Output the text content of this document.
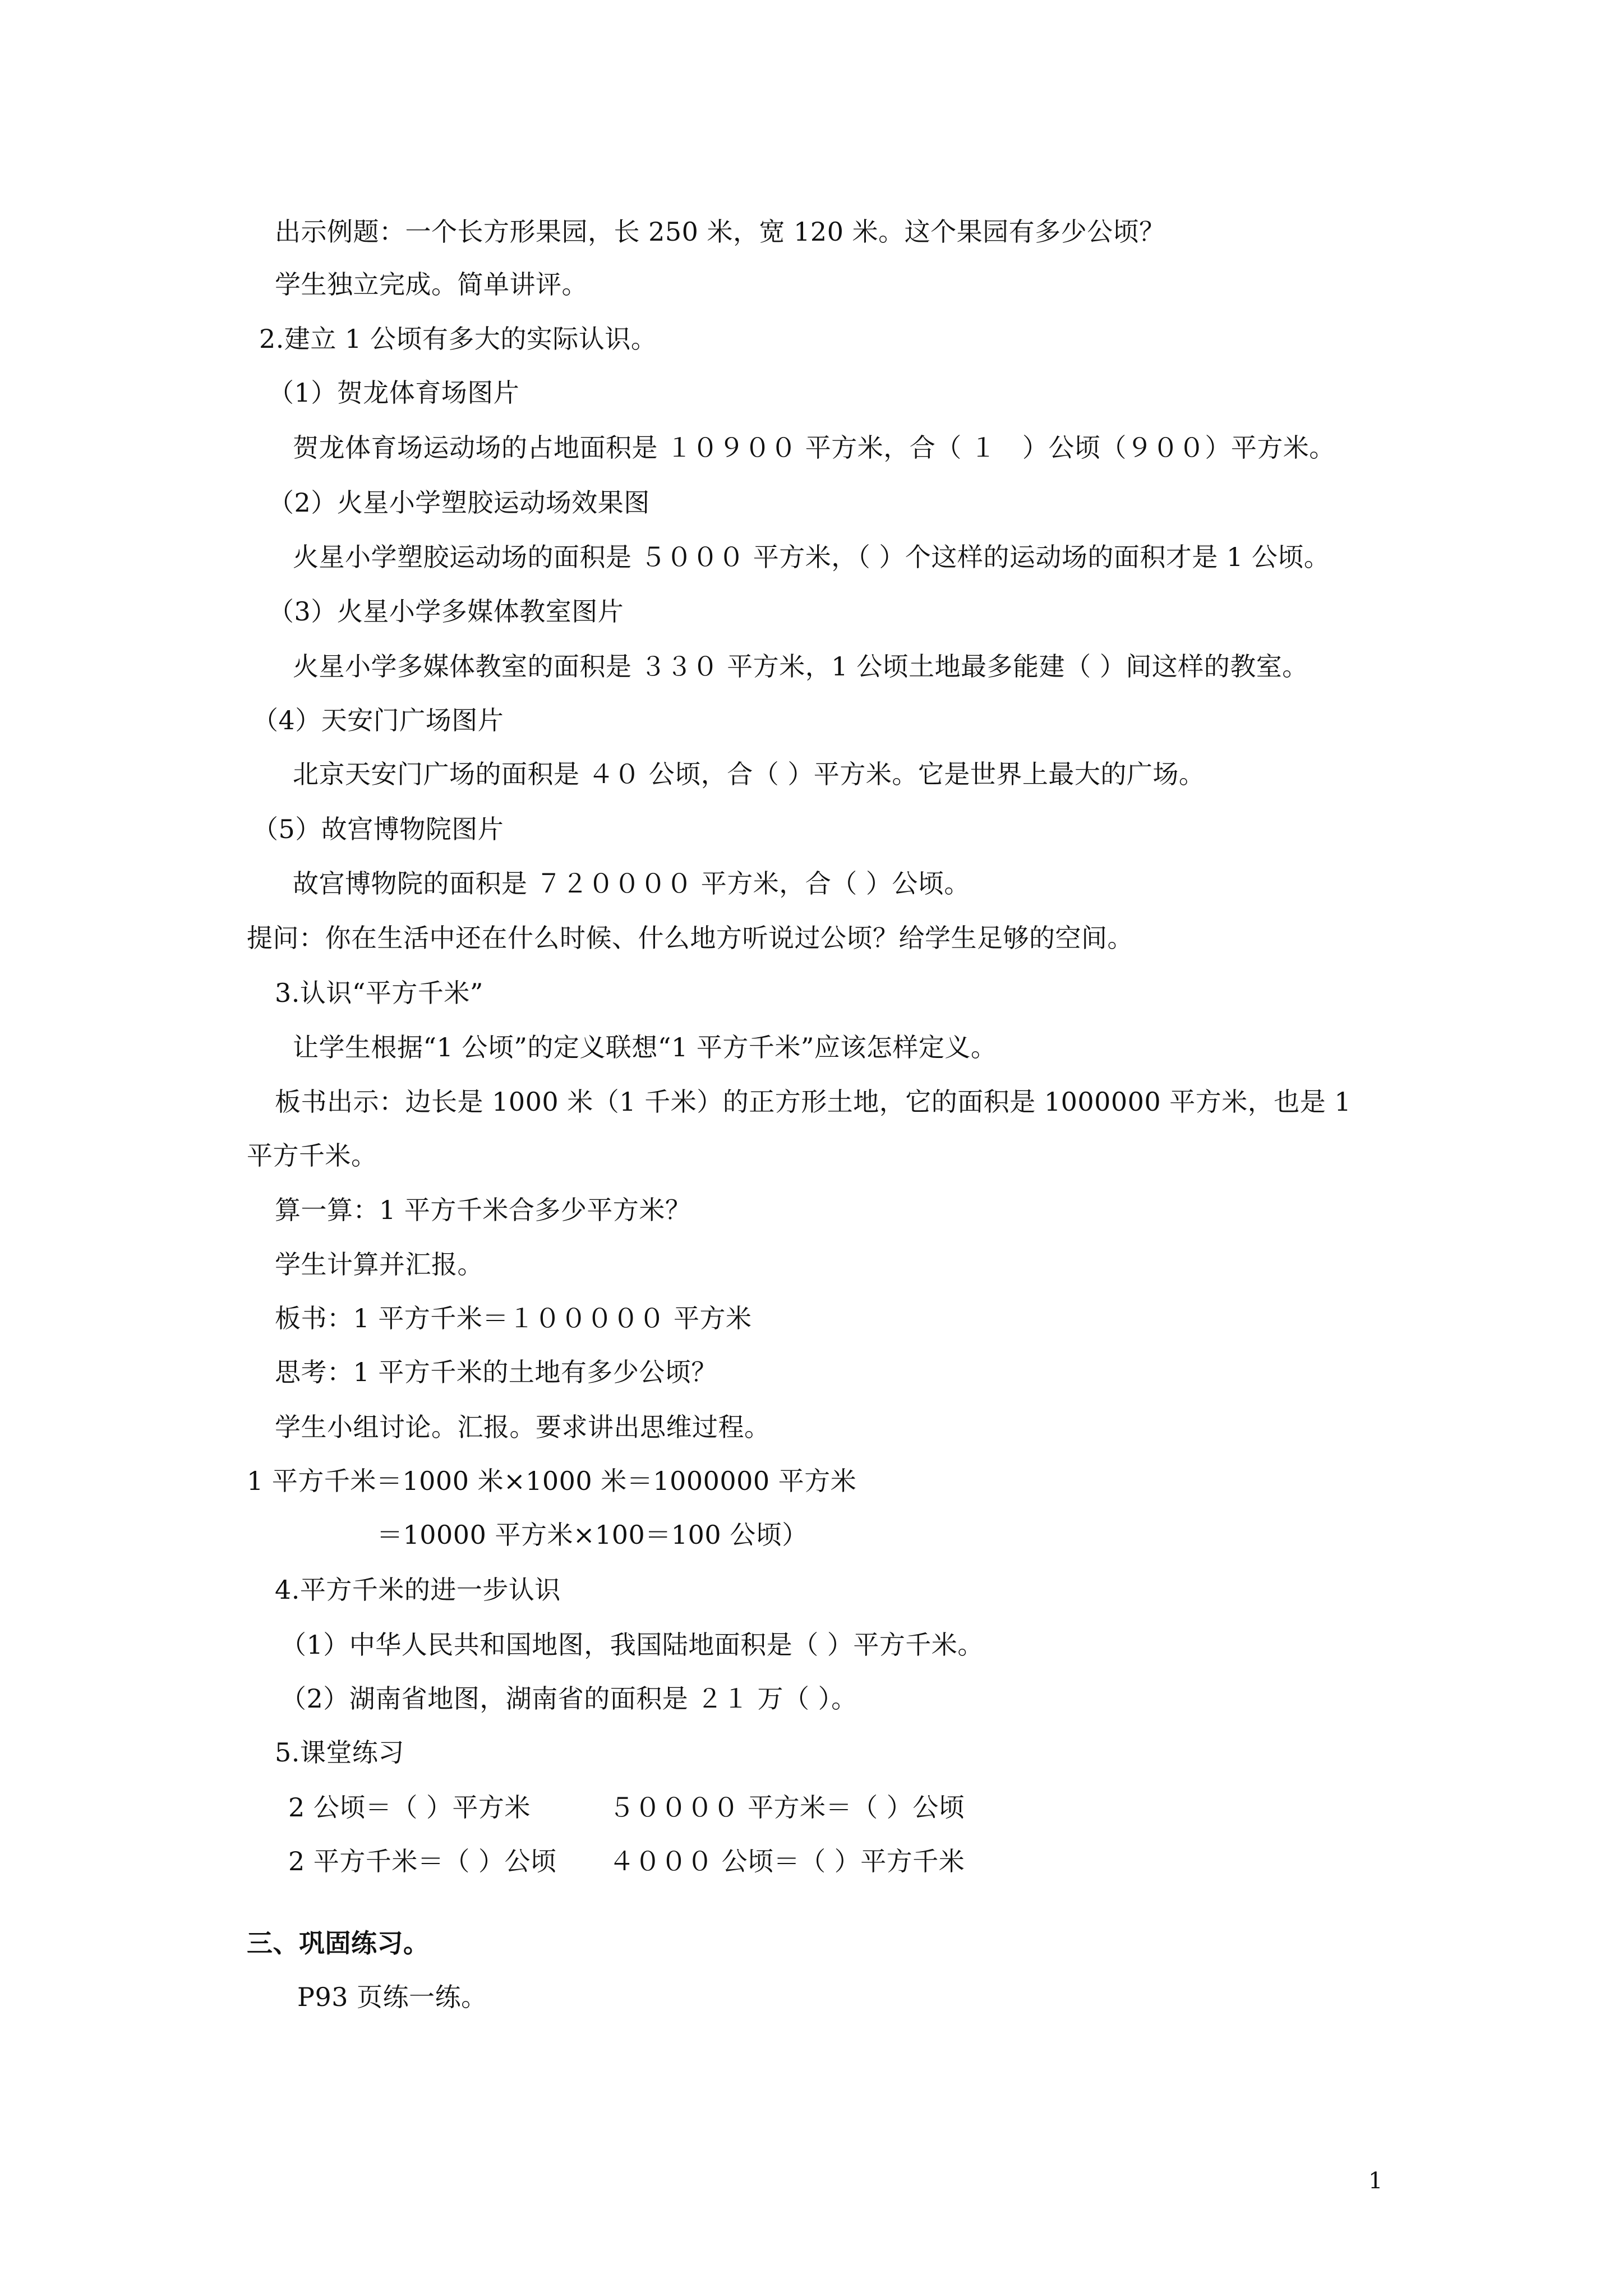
出示例题：一个长方形果园，长 250 米，宽 120 米。这个果园有多少公顷？
学生独立完成。简单讲评。
2.建立 1 公顷有多大的实际认识。
（1）贺龙体育场图片
贺龙体育场运动场的占地面积是 １０９００ 平方米，合（ １　）公顷（９００）平方米。
（2）火星小学塑胶运动场效果图
火星小学塑胶运动场的面积是 ５０００ 平方米，（ ）个这样的运动场的面积才是 1 公顷。
（3）火星小学多媒体教室图片
火星小学多媒体教室的面积是 ３３０ 平方米，1 公顷土地最多能建（ ）间这样的教室。
（4）天安门广场图片
北京天安门广场的面积是 ４０ 公顷，合（ ）平方米。它是世界上最大的广场。
（5）故宫博物院图片
故宫博物院的面积是 ７２００００ 平方米，合（ ）公顷。
提问：你在生活中还在什么时候、什么地方听说过公顷？给学生足够的空间。
3.认识“平方千米”
让学生根据“1 公顷”的定义联想“1 平方千米”应该怎样定义。
板书出示：边长是 1000 米（1 千米）的正方形土地，它的面积是 1000000 平方米，也是 1
平方千米。
算一算：1 平方千米合多少平方米？
学生计算并汇报。
板书：1 平方千米＝１０００００ 平方米
思考：1 平方千米的土地有多少公顷？
学生小组讨论。汇报。要求讲出思维过程。
1 平方千米＝1000 米×1000 米＝1000000 平方米
＝10000 平方米×100＝100 公顷）
4.平方千米的进一步认识
（1）中华人民共和国地图，我国陆地面积是（ ）平方千米。
（2）湖南省地图，湖南省的面积是 ２１ 万（ ）。
5.课堂练习
2 公顷＝（ ）平方米　　　５００００ 平方米＝（ ）公顷
2 平方千米＝（ ）公顷　　４０００ 公顷＝（ ）平方千米
三、巩固练习。
P93 页练一练。
1
